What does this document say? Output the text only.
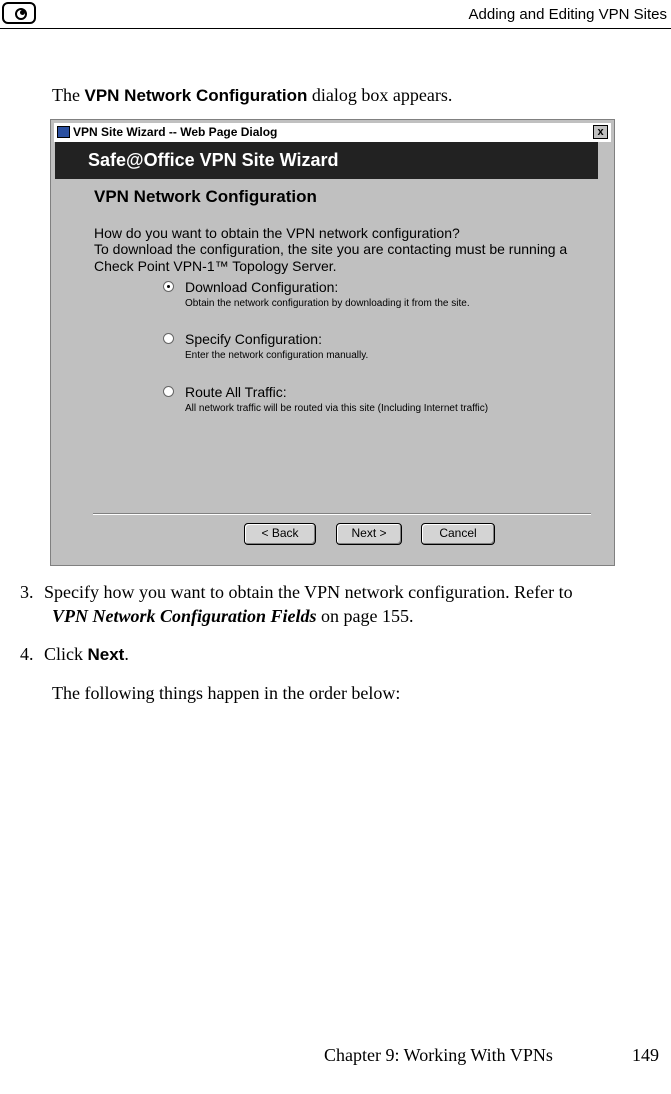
Adding and Editing VPN Sites
The VPN Network Configuration dialog box appears.
VPN Site Wizard -- Web Page Dialog	x
Safe@Office VPN Site Wizard
VPN Network Configuration
How do you want to obtain the VPN network configuration?
To download the configuration, the site you are contacting must be running a
Check Point VPN-1™ Topology Server.
Download Configuration:
Obtain the network configuration by downloading it from the site.
Specify Configuration:
Enter the network configuration manually.
Route All Traffic:
All network traffic will be routed via this site (Including Internet traffic)
< Back	Next >	Cancel
3. Specify how you want to obtain the VPN network configuration. Refer to
VPN Network Configuration Fields on page 155.
4. Click Next.
The following things happen in the order below:
Chapter 9: Working With VPNs	149
